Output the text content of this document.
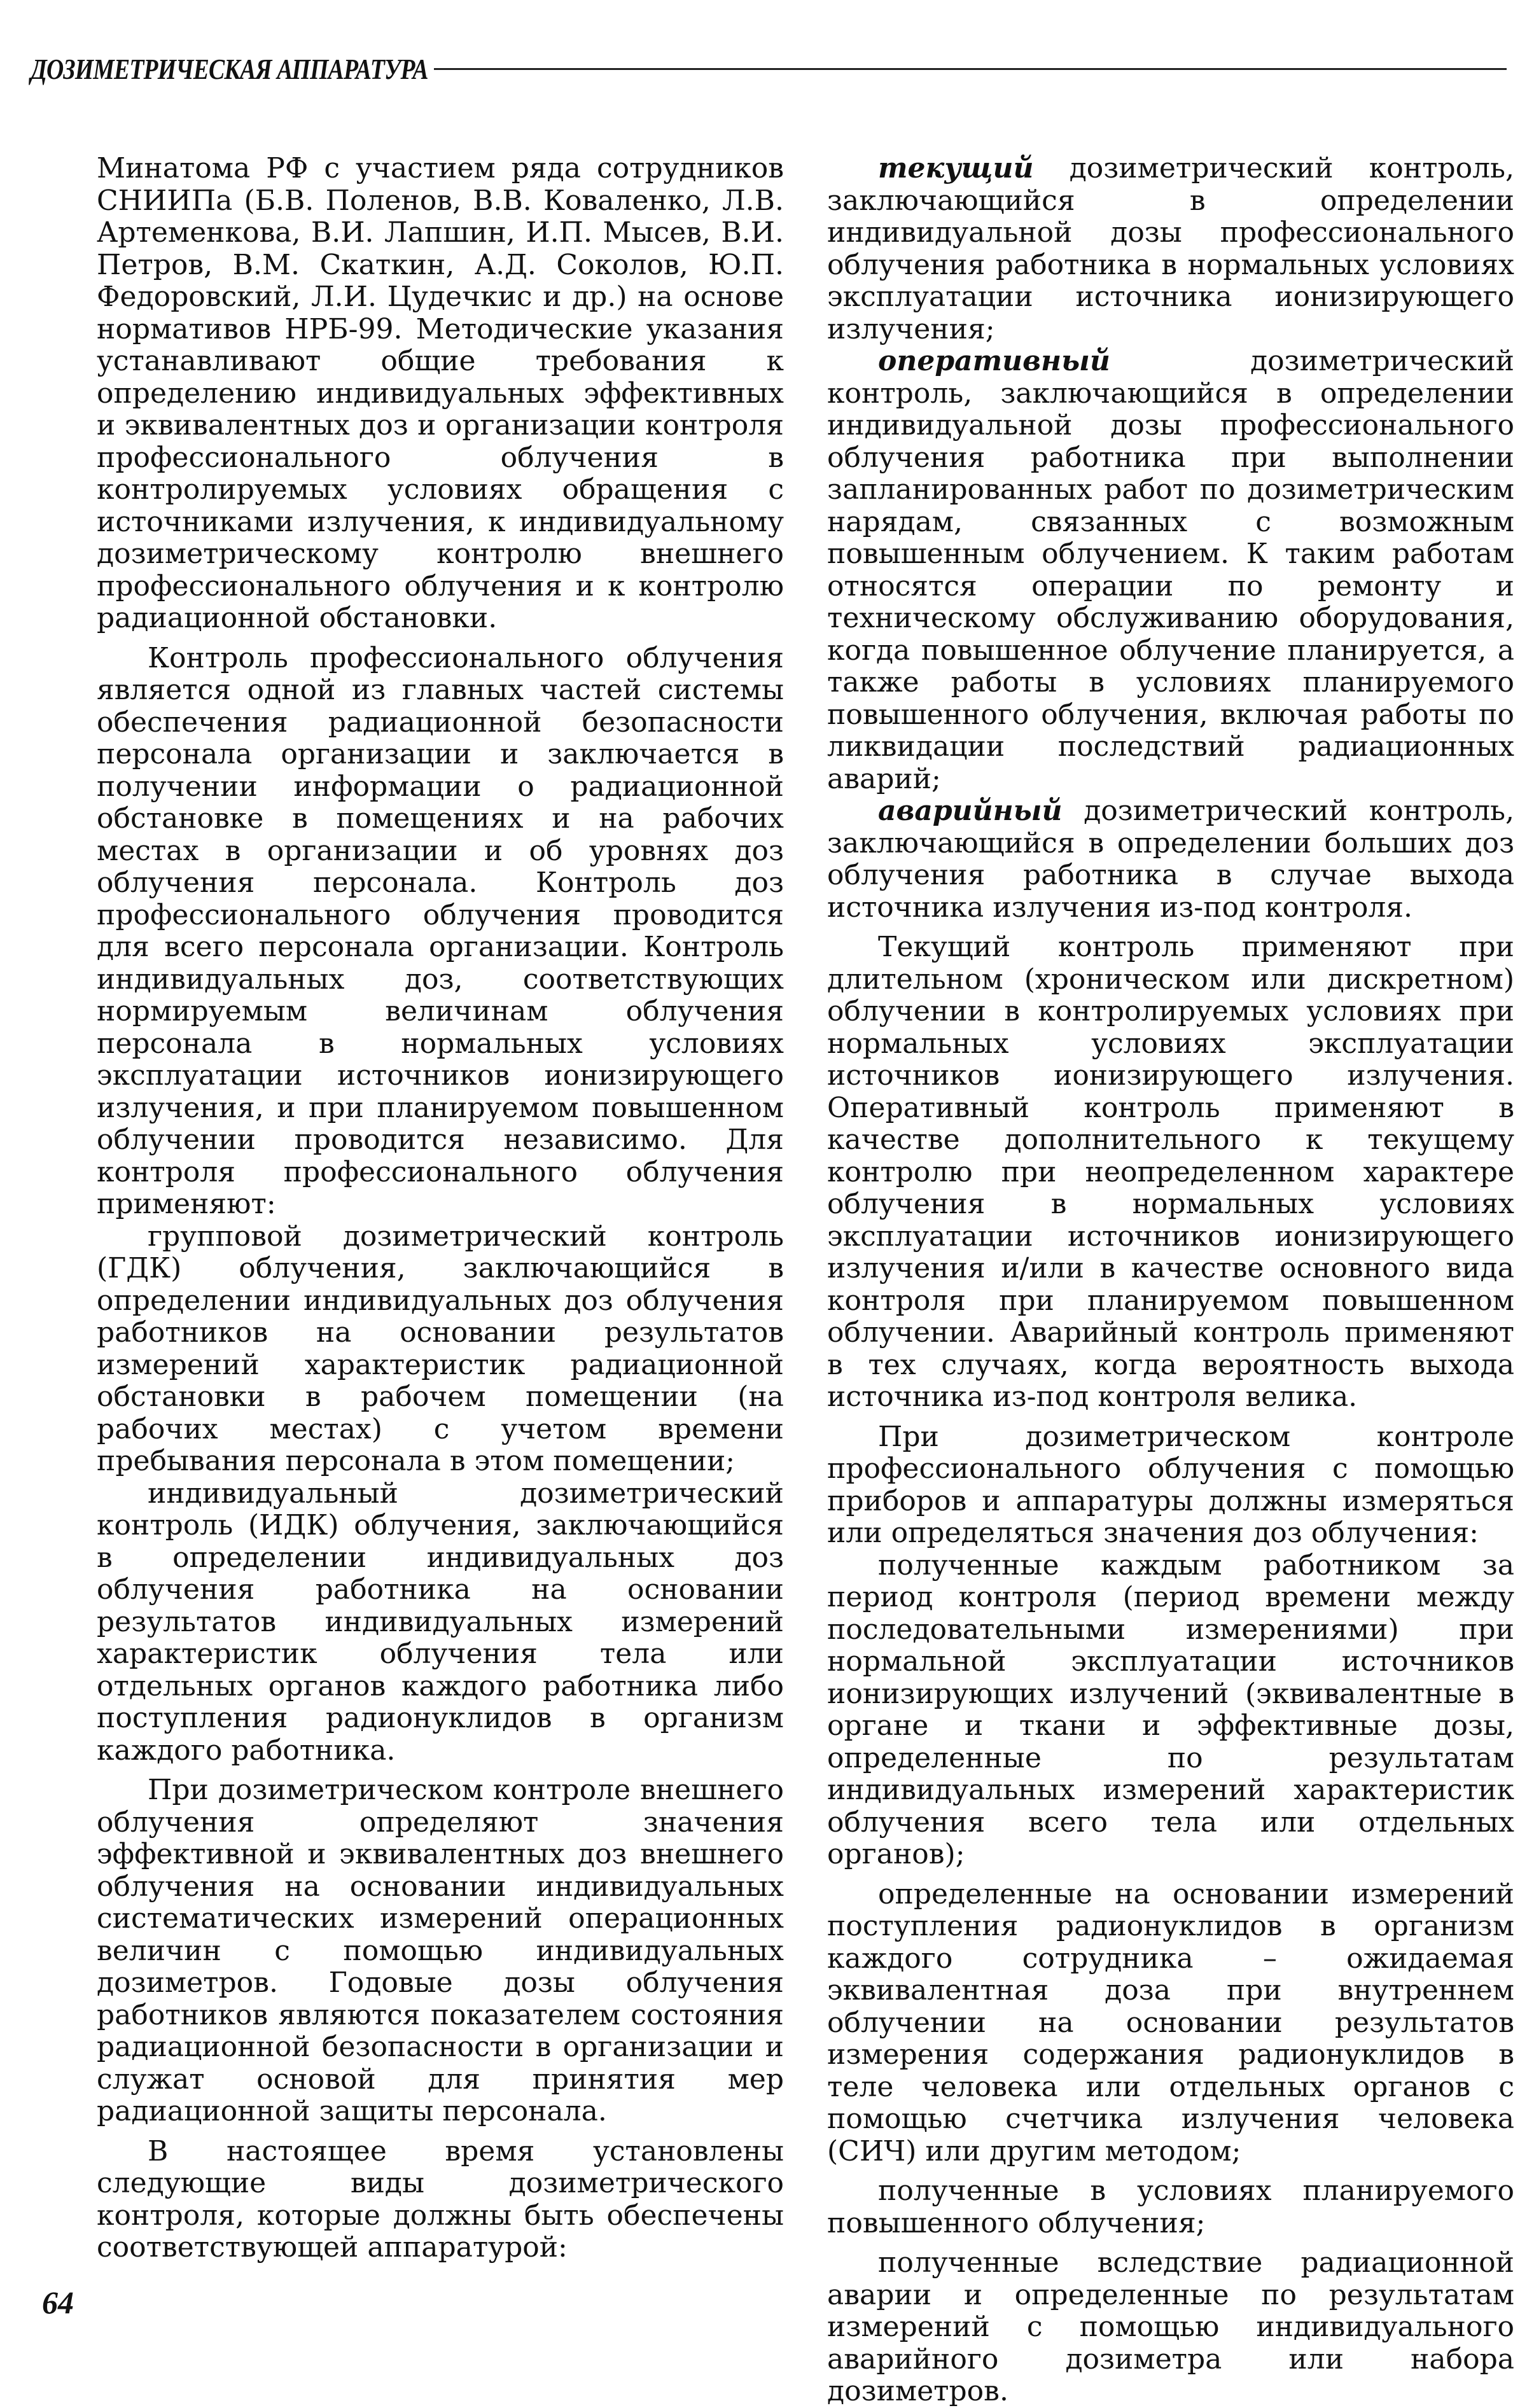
ДОЗИМЕТРИЧЕСКАЯ АППАРАТУРА

Минатома РФ с участием ряда сотрудников СНИИПа (Б.В. Поленов, В.В. Коваленко, Л.В. Артеменкова, В.И. Лапшин, И.П. Мысев, В.И. Петров, В.М. Скаткин, А.Д. Соколов, Ю.П. Федоровский, Л.И. Цудечкис и др.) на основе нормативов НРБ-99. Методические указания устанавливают общие требования к определению индивидуальных эффективных и эквивалентных доз и организации контроля профессионального облучения в контролируемых условиях обращения с источниками излучения, к индивидуальному дозиметрическому контролю внешнего профессионального облучения и к контролю радиационной обстановки.

Контроль профессионального облучения является одной из главных частей системы обеспечения радиационной безопасности персонала организации и заключается в получении информации о радиационной обстановке в помещениях и на рабочих местах в организации и об уровнях доз облучения персонала. Контроль доз профессионального облучения проводится для всего персонала организации. Контроль индивидуальных доз, соответствующих нормируемым величинам облучения персонала в нормальных условиях эксплуатации источников ионизирующего излучения, и при планируемом повышенном облучении проводится независимо. Для контроля профессионального облучения применяют:

групповой дозиметрический контроль (ГДК) облучения, заключающийся в определении индивидуальных доз облучения работников на основании результатов измерений характеристик радиационной обстановки в рабочем помещении (на рабочих местах) с учетом времени пребывания персонала в этом помещении;

индивидуальный дозиметрический контроль (ИДК) облучения, заключающийся в определении индивидуальных доз облучения работника на основании результатов индивидуальных измерений характеристик облучения тела или отдельных органов каждого работника либо поступления радионуклидов в организм каждого работника.

При дозиметрическом контроле внешнего облучения определяют значения эффективной и эквивалентных доз внешнего облучения на основании индивидуальных систематических измерений операционных величин с помощью индивидуальных дозиметров. Годовые дозы облучения работников являются показателем состояния радиационной безопасности в организации и служат основой для принятия мер радиационной защиты персонала.

В настоящее время установлены следующие виды дозиметрического контроля, которые должны быть обеспечены соответствующей аппаратурой:

текущий дозиметрический контроль, заключающийся в определении индивидуальной дозы профессионального облучения работника в нормальных условиях эксплуатации источника ионизирующего излучения;

оперативный дозиметрический контроль, заключающийся в определении индивидуальной дозы профессионального облучения работника при выполнении запланированных работ по дозиметрическим нарядам, связанных с возможным повышенным облучением. К таким работам относятся операции по ремонту и техническому обслуживанию оборудования, когда повышенное облучение планируется, а также работы в условиях планируемого повышенного облучения, включая работы по ликвидации последствий радиационных аварий;

аварийный дозиметрический контроль, заключающийся в определении больших доз облучения работника в случае выхода источника излучения из-под контроля.

Текущий контроль применяют при длительном (хроническом или дискретном) облучении в контролируемых условиях при нормальных условиях эксплуатации источников ионизирующего излучения. Оперативный контроль применяют в качестве дополнительного к текущему контролю при неопределенном характере облучения в нормальных условиях эксплуатации источников ионизирующего излучения и/или в качестве основного вида контроля при планируемом повышенном облучении. Аварийный контроль применяют в тех случаях, когда вероятность выхода источника из-под контроля велика.

При дозиметрическом контроле профессионального облучения с помощью приборов и аппаратуры должны измеряться или определяться значения доз облучения:

полученные каждым работником за период контроля (период времени между последовательными измерениями) при нормальной эксплуатации источников ионизирующих излучений (эквивалентные в органе и ткани и эффективные дозы, определенные по результатам индивидуальных измерений характеристик облучения всего тела или отдельных органов);

определенные на основании измерений поступления радионуклидов в организм каждого сотрудника – ожидаемая эквивалентная доза при внутреннем облучении на основании результатов измерения содержания радионуклидов в теле человека или отдельных органов с помощью счетчика излучения человека (СИЧ) или другим методом;

полученные в условиях планируемого повышенного облучения;

полученные вследствие радиационной аварии и определенные по результатам измерений с помощью индивидуального аварийного дозиметра или набора дозиметров.

64
